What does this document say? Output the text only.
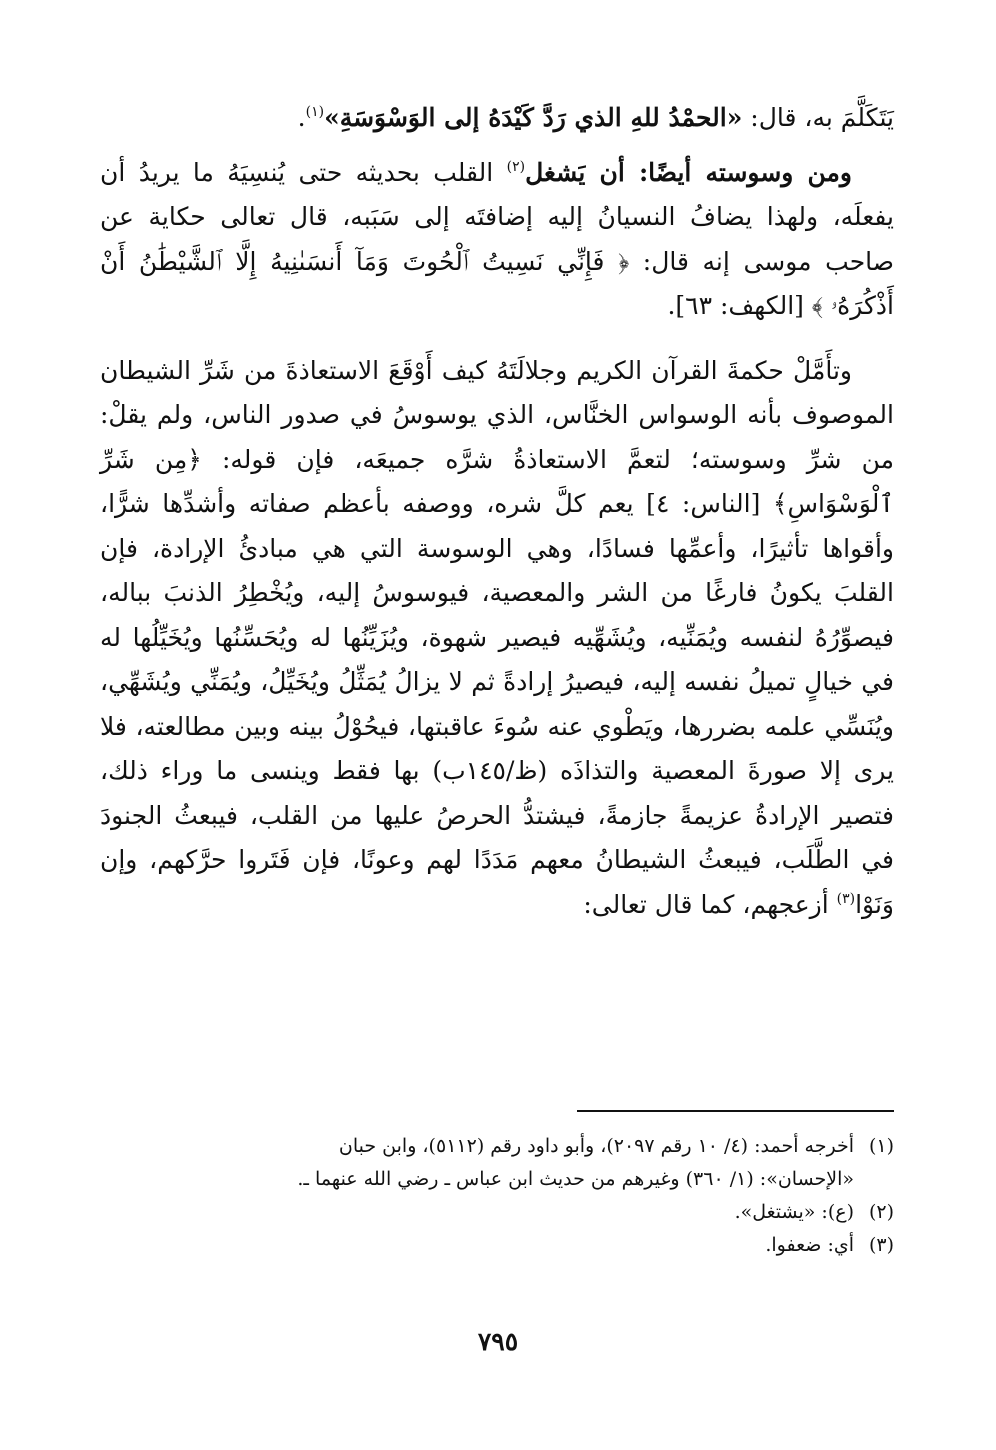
يَتَكَلَّمَ به، قال: «الحمْدُ للهِ الذي رَدَّ كَيْدَهُ إلى الوَسْوَسَةِ»$^{(١)}$.

ومن وسوسته أيضًا: أن يَشغل$^{(٢)}$ القلب بحديثه حتى يُنسِيَهُ ما يريدُ أن يفعلَه، ولهذا يضافُ النسيانُ إليه إضافتَه إلى سَبَبه، قال تعالى حكاية عن صاحب موسى إنه قال: ﴿ فَإِنِّي نَسِيتُ ٱلْحُوتَ وَمَآ أَنسَىٰنِيهُ إِلَّا ٱلشَّيْطَٰنُ أَنْ أَذْكُرَهُۥ ﴾ [الكهف: ٦٣].

وتأَمَّلْ حكمةَ القرآن الكريم وجلالَتَهُ كيف أَوْقَعَ الاستعاذةَ من شَرِّ الشيطان الموصوف بأنه الوسواس الخنَّاس، الذي يوسوسُ في صدور الناس، ولم يقلْ: من شرِّ وسوسته؛ لتعمَّ الاستعاذةُ شرَّه جميعَه، فإن قوله: ﴿مِن شَرِّ ٱلْوَسْوَاسِ﴾ [الناس: ٤] يعم كلَّ شره، ووصفه بأعظم صفاته وأشدِّها شرًّا، وأقواها تأثيرًا، وأعمِّها فسادًا، وهي الوسوسة التي هي مبادئُ الإرادة، فإن القلبَ يكونُ فارغًا من الشر والمعصية، فيوسوسُ إليه، ويُخْطِرُ الذنبَ بباله، فيصوِّرُهُ لنفسه ويُمَنِّيه، ويُشَهِّيه فيصير شهوة، ويُزَيِّنُها له ويُحَسِّنُها ويُخَيِّلُها له في خيالٍ تميلُ نفسه إليه، فيصيرُ إرادةً ثم لا يزالُ يُمَثِّلُ ويُخَيِّلُ، ويُمَنِّي ويُشَهِّي، ويُنَسِّي علمه بضررها، ويَطْوي عنه سُوءَ عاقبتها، فيحُوْلُ بينه وبين مطالعته، فلا يرى إلا صورةَ المعصية والتذاذَه (ظ/١٤٥ب) بها فقط وينسى ما وراء ذلك، فتصير الإرادةُ عزيمةً جازمةً، فيشتدُّ الحرصُ عليها من القلب، فيبعثُ الجنودَ في الطَّلَب، فيبعثُ الشيطانُ معهم مَدَدًا لهم وعونًا، فإن فَتَروا حرَّكهم، وإن وَنَوْا$^{(٣)}$ أزعجهم، كما قال تعالى:

(١)أخرجه أحمد: (٤/ ١٠ رقم ٢٠٩٧)، وأبو داود رقم (٥١١٢)، وابن حبان

«الإحسان»: (١/ ٣٦٠) وغيرهم من حديث ابن عباس ـ رضي الله عنهما ـ.

(٢)(ع): «يشتغل».

(٣)أي: ضعفوا.

٧٩٥
